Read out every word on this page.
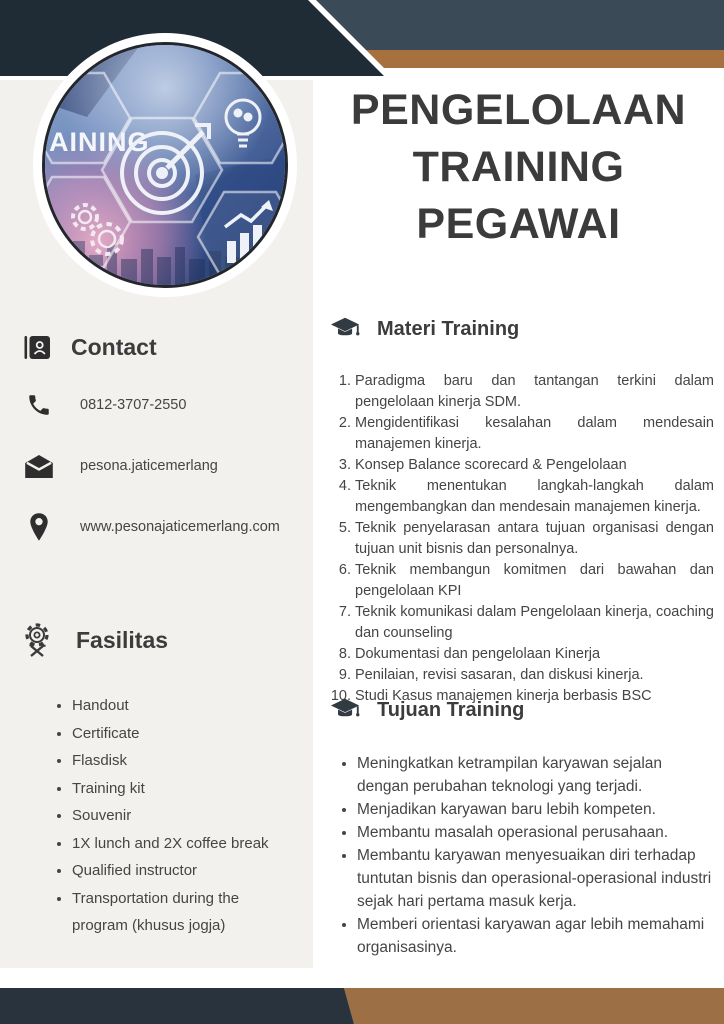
AINING
PENGELOLAAN
TRAINING
PEGAWAI
Materi Training
1. Paradigma baru dan tantangan terkini dalam pengelolaan kinerja SDM.
2. Mengidentifikasi kesalahan dalam mendesain manajemen kinerja.
3. Konsep Balance scorecard & Pengelolaan
4. Teknik menentukan langkah-langkah dalam mengembangkan dan mendesain manajemen kinerja.
5. Teknik penyelarasan antara tujuan organisasi dengan tujuan unit bisnis dan personalnya.
6. Teknik membangun komitmen dari bawahan dan pengelolaan KPI
7. Teknik komunikasi dalam Pengelolaan kinerja, coaching dan counseling
8. Dokumentasi dan pengelolaan Kinerja
9. Penilaian, revisi sasaran, dan diskusi kinerja.
10. Studi Kasus manajemen kinerja berbasis BSC
Tujuan Training
• Meningkatkan ketrampilan karyawan sejalan dengan perubahan teknologi yang terjadi.
• Menjadikan karyawan baru lebih kompeten.
• Membantu masalah operasional perusahaan.
• Membantu karyawan menyesuaikan diri terhadap tuntutan bisnis dan operasional-operasional industri sejak hari pertama masuk kerja.
• Memberi orientasi karyawan agar lebih memahami organisasinya.
Contact
0812-3707-2550
pesona.jaticemerlang
www.pesonajaticemerlang.com
Fasilitas
• Handout
• Certificate
• Flasdisk
• Training kit
• Souvenir
• 1X lunch and 2X coffee break
• Qualified instructor
• Transportation during the program (khusus jogja)
